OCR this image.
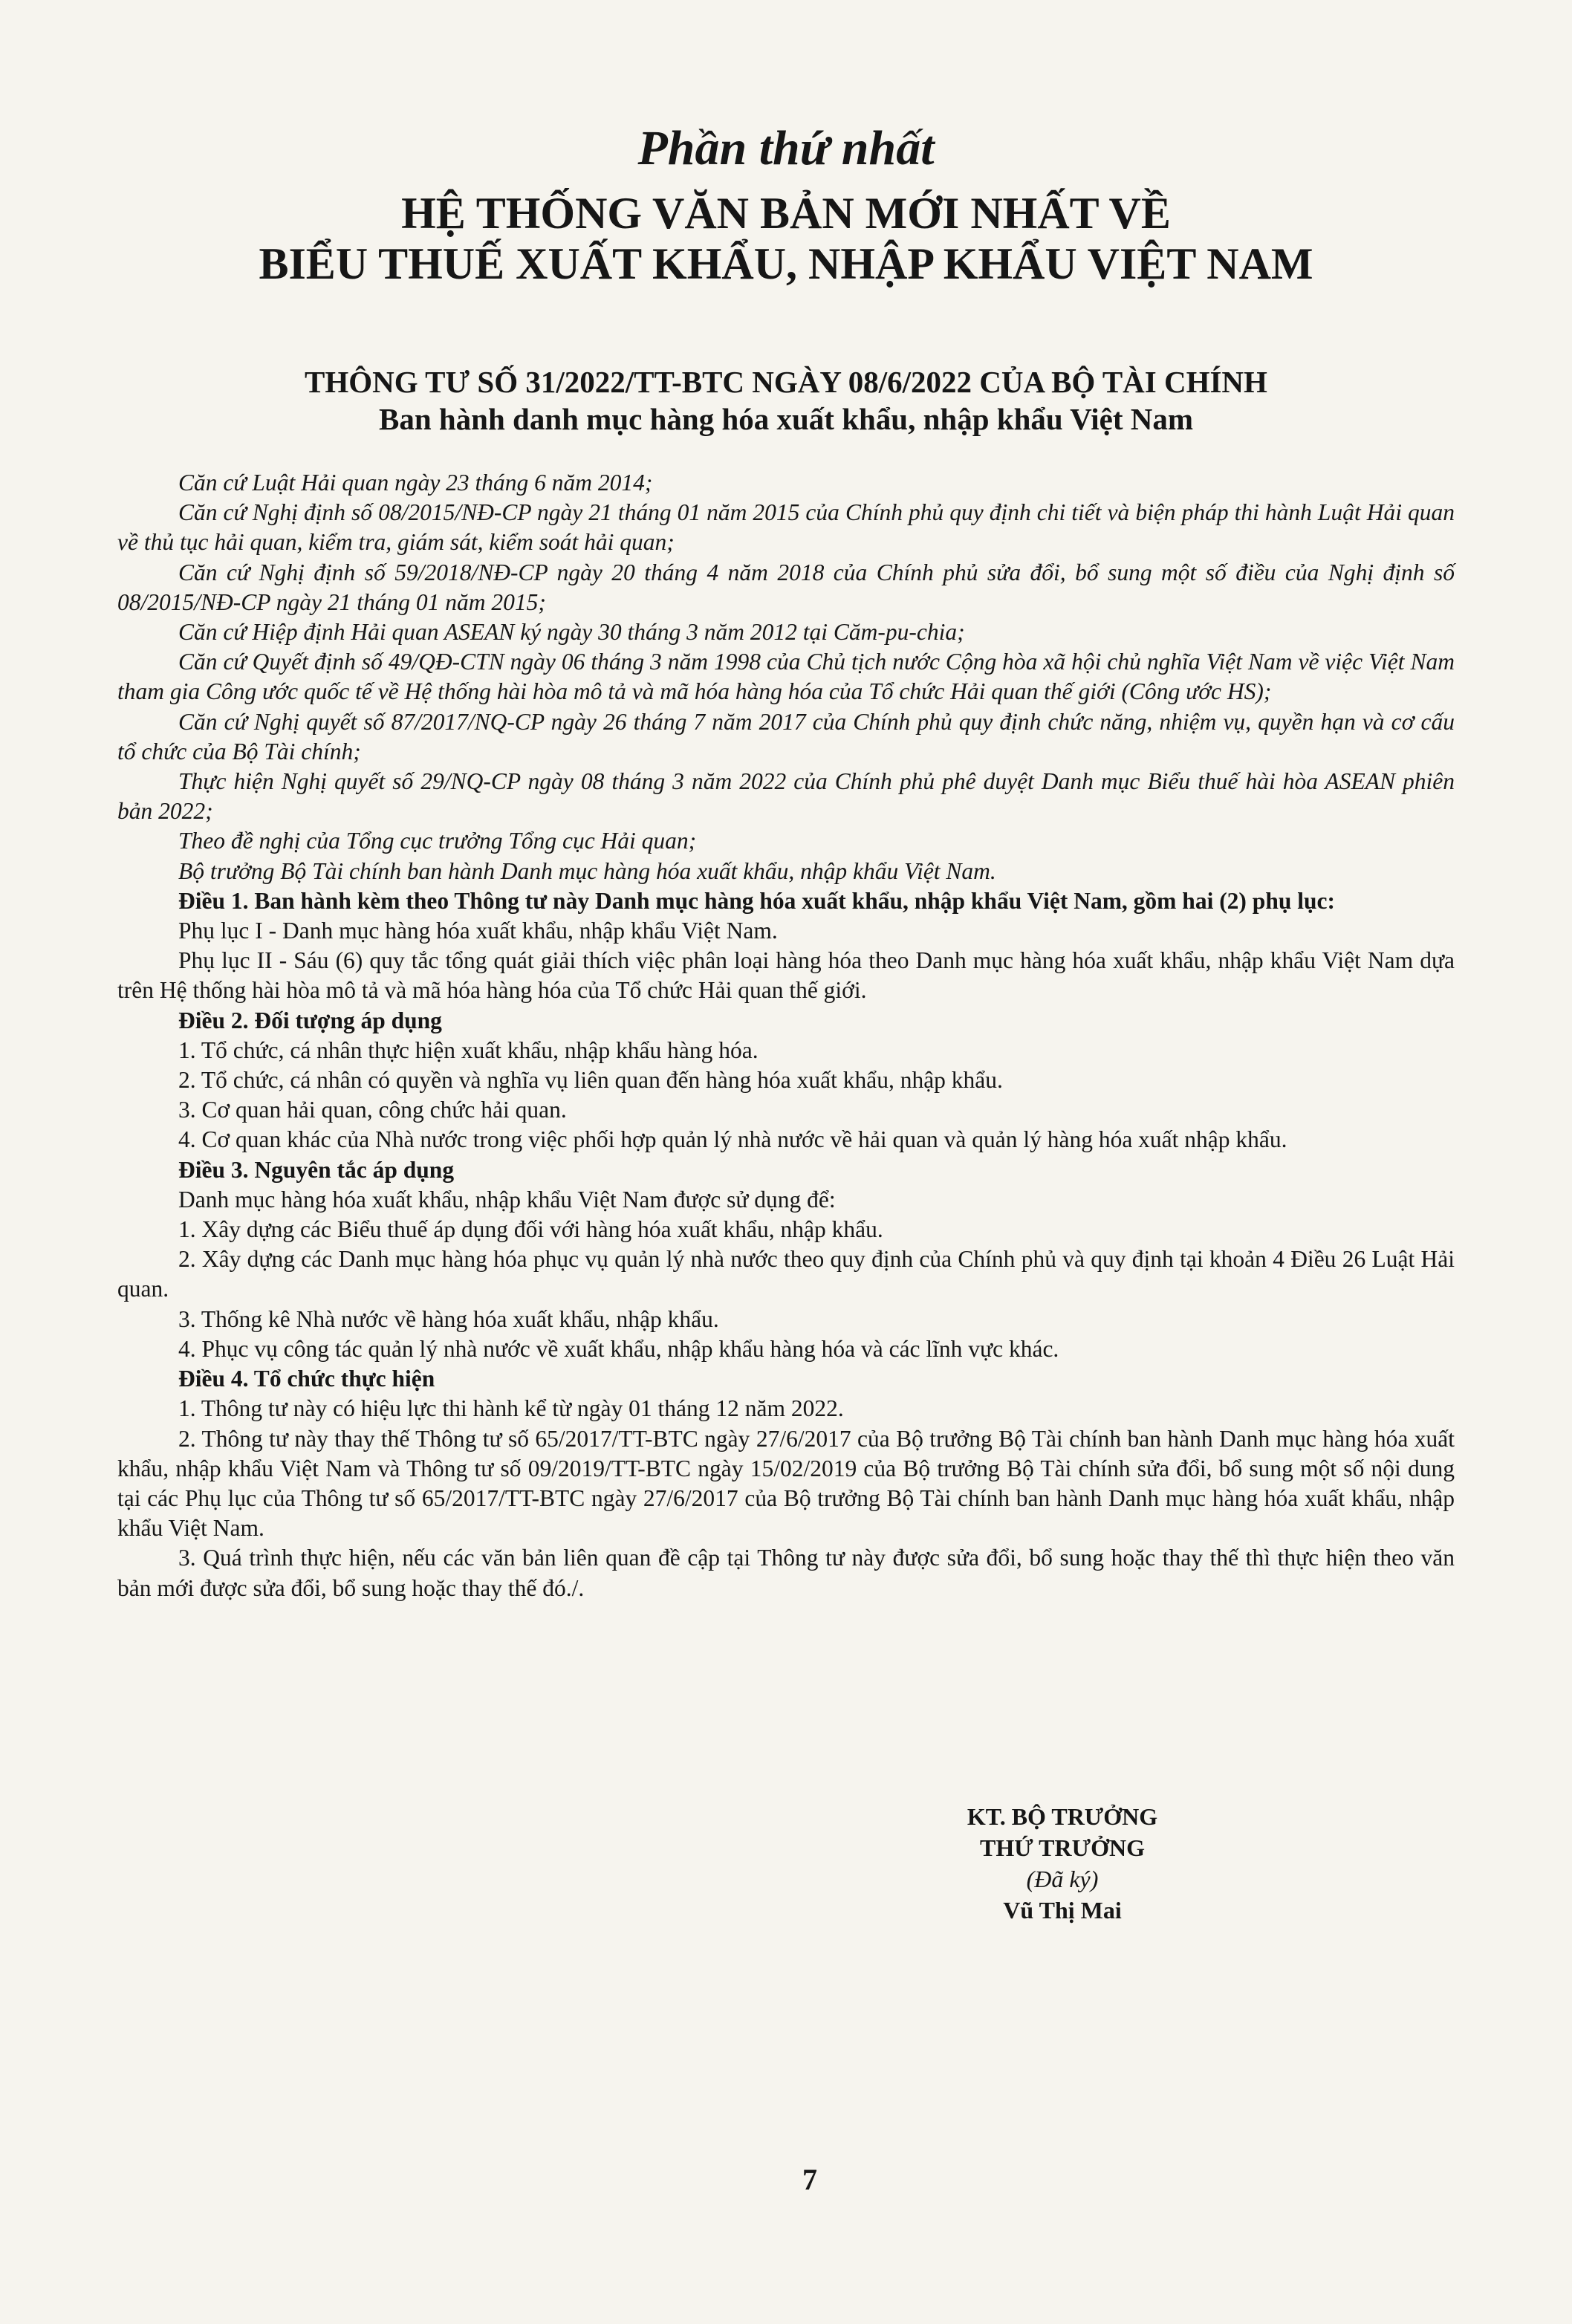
Phần thứ nhất
HỆ THỐNG VĂN BẢN MỚI NHẤT VỀ
BIỂU THUẾ XUẤT KHẨU, NHẬP KHẨU VIỆT NAM
THÔNG TƯ SỐ 31/2022/TT-BTC NGÀY 08/6/2022 CỦA BỘ TÀI CHÍNH
Ban hành danh mục hàng hóa xuất khẩu, nhập khẩu Việt Nam

Căn cứ Luật Hải quan ngày 23 tháng 6 năm 2014;

Căn cứ Nghị định số 08/2015/NĐ-CP ngày 21 tháng 01 năm 2015 của Chính phủ quy định chi tiết và biện pháp thi hành Luật Hải quan về thủ tục hải quan, kiểm tra, giám sát, kiểm soát hải quan;

Căn cứ Nghị định số 59/2018/NĐ-CP ngày 20 tháng 4 năm 2018 của Chính phủ sửa đổi, bổ sung một số điều của Nghị định số 08/2015/NĐ-CP ngày 21 tháng 01 năm 2015;

Căn cứ Hiệp định Hải quan ASEAN ký ngày 30 tháng 3 năm 2012 tại Căm-pu-chia;

Căn cứ Quyết định số 49/QĐ-CTN ngày 06 tháng 3 năm 1998 của Chủ tịch nước Cộng hòa xã hội chủ nghĩa Việt Nam về việc Việt Nam tham gia Công ước quốc tế về Hệ thống hài hòa mô tả và mã hóa hàng hóa của Tổ chức Hải quan thế giới (Công ước HS);

Căn cứ Nghị quyết số 87/2017/NQ-CP ngày 26 tháng 7 năm 2017 của Chính phủ quy định chức năng, nhiệm vụ, quyền hạn và cơ cấu tổ chức của Bộ Tài chính;

Thực hiện Nghị quyết số 29/NQ-CP ngày 08 tháng 3 năm 2022 của Chính phủ phê duyệt Danh mục Biểu thuế hài hòa ASEAN phiên bản 2022;

Theo đề nghị của Tổng cục trưởng Tổng cục Hải quan;

Bộ trưởng Bộ Tài chính ban hành Danh mục hàng hóa xuất khẩu, nhập khẩu Việt Nam.

Điều 1. Ban hành kèm theo Thông tư này Danh mục hàng hóa xuất khẩu, nhập khẩu Việt Nam, gồm hai (2) phụ lục:

Phụ lục I - Danh mục hàng hóa xuất khẩu, nhập khẩu Việt Nam.

Phụ lục II - Sáu (6) quy tắc tổng quát giải thích việc phân loại hàng hóa theo Danh mục hàng hóa xuất khẩu, nhập khẩu Việt Nam dựa trên Hệ thống hài hòa mô tả và mã hóa hàng hóa của Tổ chức Hải quan thế giới.

Điều 2. Đối tượng áp dụng

1. Tổ chức, cá nhân thực hiện xuất khẩu, nhập khẩu hàng hóa.

2. Tổ chức, cá nhân có quyền và nghĩa vụ liên quan đến hàng hóa xuất khẩu, nhập khẩu.

3. Cơ quan hải quan, công chức hải quan.

4. Cơ quan khác của Nhà nước trong việc phối hợp quản lý nhà nước về hải quan và quản lý hàng hóa xuất nhập khẩu.

Điều 3. Nguyên tắc áp dụng

Danh mục hàng hóa xuất khẩu, nhập khẩu Việt Nam được sử dụng để:

1. Xây dựng các Biểu thuế áp dụng đối với hàng hóa xuất khẩu, nhập khẩu.

2. Xây dựng các Danh mục hàng hóa phục vụ quản lý nhà nước theo quy định của Chính phủ và quy định tại khoản 4 Điều 26 Luật Hải quan.

3. Thống kê Nhà nước về hàng hóa xuất khẩu, nhập khẩu.

4. Phục vụ công tác quản lý nhà nước về xuất khẩu, nhập khẩu hàng hóa và các lĩnh vực khác.

Điều 4. Tổ chức thực hiện

1. Thông tư này có hiệu lực thi hành kể từ ngày 01 tháng 12 năm 2022.

2. Thông tư này thay thế Thông tư số 65/2017/TT-BTC ngày 27/6/2017 của Bộ trưởng Bộ Tài chính ban hành Danh mục hàng hóa xuất khẩu, nhập khẩu Việt Nam và Thông tư số 09/2019/TT-BTC ngày 15/02/2019 của Bộ trưởng Bộ Tài chính sửa đổi, bổ sung một số nội dung tại các Phụ lục của Thông tư số 65/2017/TT-BTC ngày 27/6/2017 của Bộ trưởng Bộ Tài chính ban hành Danh mục hàng hóa xuất khẩu, nhập khẩu Việt Nam.

3. Quá trình thực hiện, nếu các văn bản liên quan đề cập tại Thông tư này được sửa đổi, bổ sung hoặc thay thế thì thực hiện theo văn bản mới được sửa đổi, bổ sung hoặc thay thế đó./.

KT. BỘ TRƯỞNG
THỨ TRƯỞNG
(Đã ký)
Vũ Thị Mai
7
